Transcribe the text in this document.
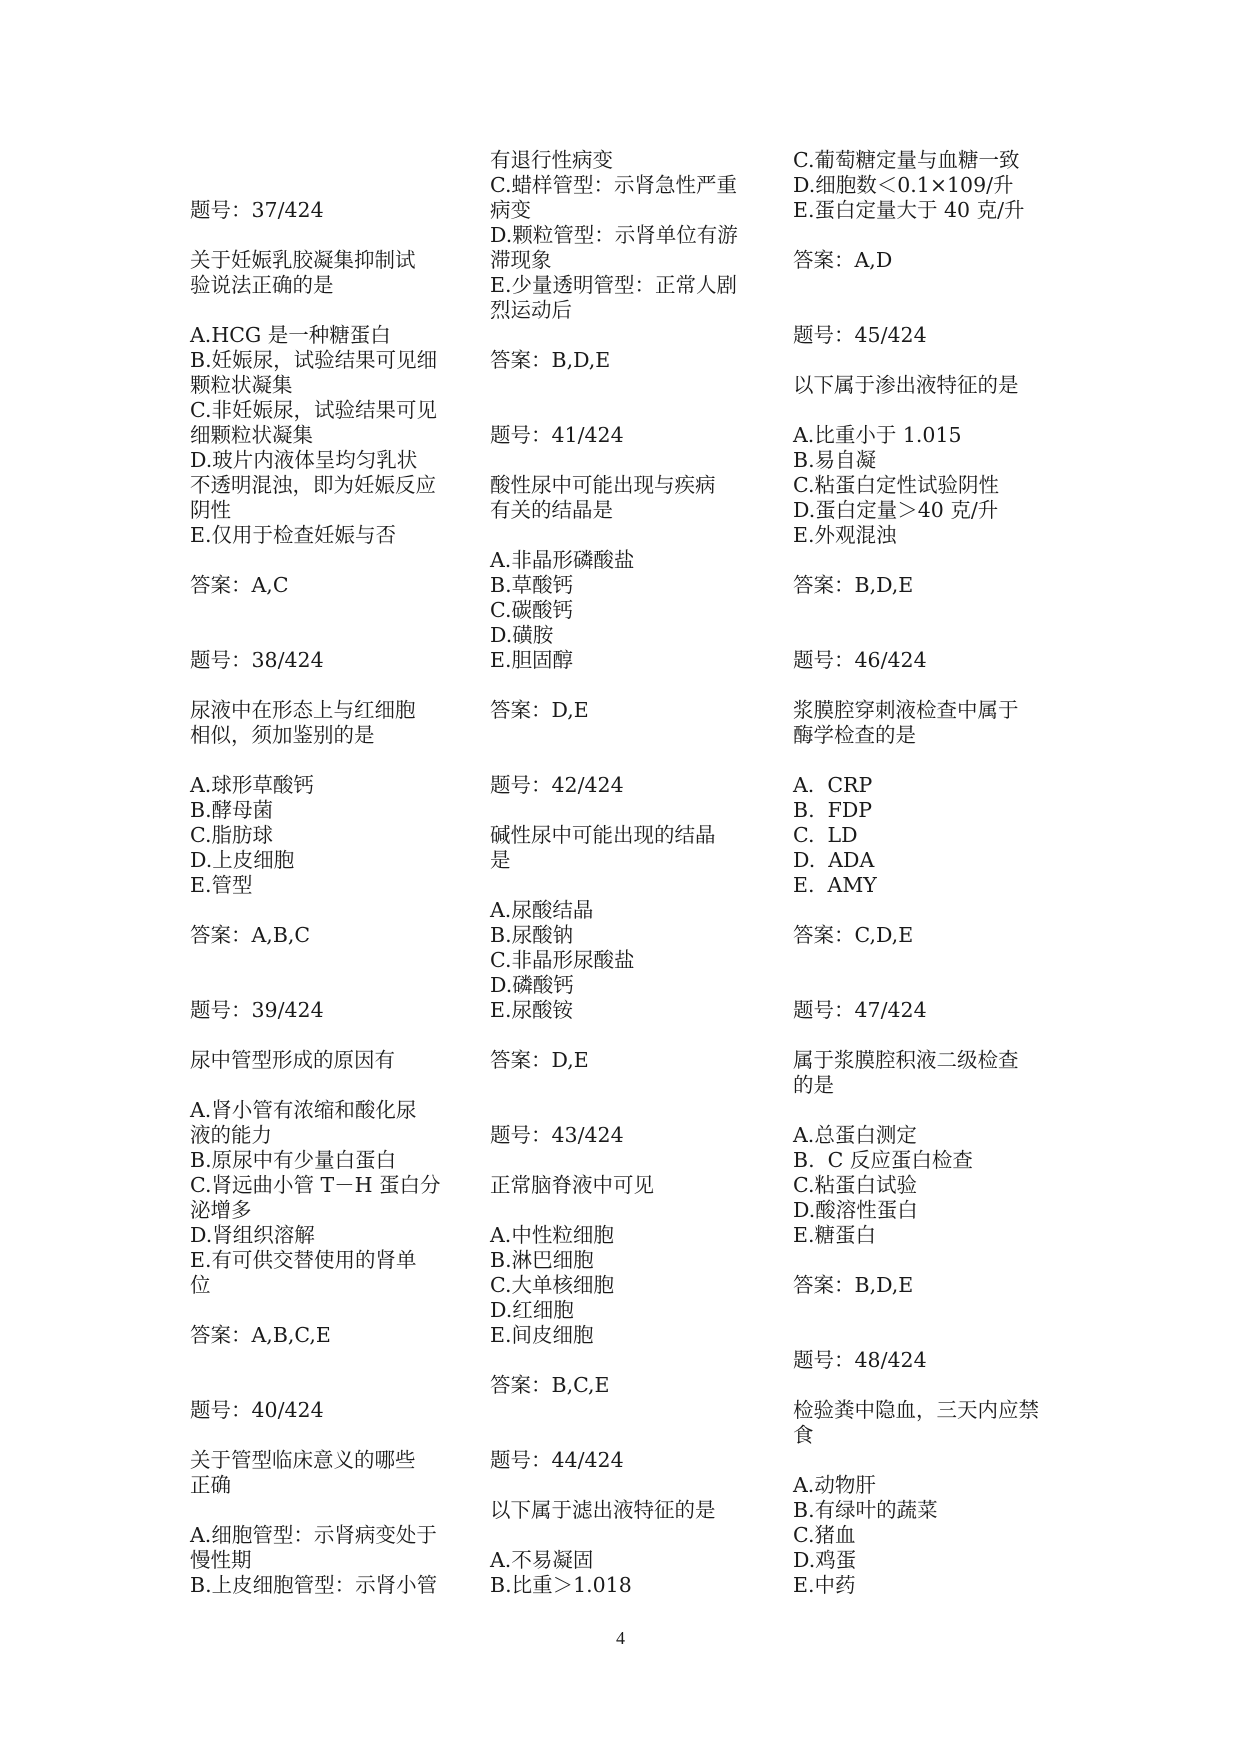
题号：37/424
关于妊娠乳胶凝集抑制试
验说法正确的是
A.HCG 是一种糖蛋白
B.妊娠尿，试验结果可见细
颗粒状凝集
C.非妊娠尿，试验结果可见
细颗粒状凝集
D.玻片内液体呈均匀乳状
不透明混浊，即为妊娠反应
阴性
E.仅用于检查妊娠与否
答案：A,C
题号：38/424
尿液中在形态上与红细胞
相似，须加鉴别的是
A.球形草酸钙
B.酵母菌
C.脂肪球
D.上皮细胞
E.管型
答案：A,B,C
题号：39/424
尿中管型形成的原因有
A.肾小管有浓缩和酸化尿
液的能力
B.原尿中有少量白蛋白
C.肾远曲小管 T－H 蛋白分
泌增多
D.肾组织溶解
E.有可供交替使用的肾单
位
答案：A,B,C,E
题号：40/424
关于管型临床意义的哪些
正确
A.细胞管型：示肾病变处于
慢性期
B.上皮细胞管型：示肾小管
有退行性病变
C.蜡样管型：示肾急性严重
病变
D.颗粒管型：示肾单位有游
滞现象
E.少量透明管型：正常人剧
烈运动后
答案：B,D,E
题号：41/424
酸性尿中可能出现与疾病
有关的结晶是
A.非晶形磷酸盐
B.草酸钙
C.碳酸钙
D.磺胺
E.胆固醇
答案：D,E
题号：42/424
碱性尿中可能出现的结晶
是
A.尿酸结晶
B.尿酸钠
C.非晶形尿酸盐
D.磷酸钙
E.尿酸铵
答案：D,E
题号：43/424
正常脑脊液中可见
A.中性粒细胞
B.淋巴细胞
C.大单核细胞
D.红细胞
E.间皮细胞
答案：B,C,E
题号：44/424
以下属于滤出液特征的是
A.不易凝固
B.比重＞1.018
C.葡萄糖定量与血糖一致
D.细胞数＜0.1×109/升
E.蛋白定量大于 40 克/升
答案：A,D
题号：45/424
以下属于渗出液特征的是
A.比重小于 1.015
B.易自凝
C.粘蛋白定性试验阴性
D.蛋白定量＞40 克/升
E.外观混浊
答案：B,D,E
题号：46/424
浆膜腔穿刺液检查中属于
酶学检查的是
A.  CRP
B.  FDP
C.  LD
D.  ADA
E.  AMY
答案：C,D,E
题号：47/424
属于浆膜腔积液二级检查
的是
A.总蛋白测定
B.  C 反应蛋白检查
C.粘蛋白试验
D.酸溶性蛋白
E.糖蛋白
答案：B,D,E
题号：48/424
检验粪中隐血，三天内应禁
食
A.动物肝
B.有绿叶的蔬菜
C.猪血
D.鸡蛋
E.中药
4
